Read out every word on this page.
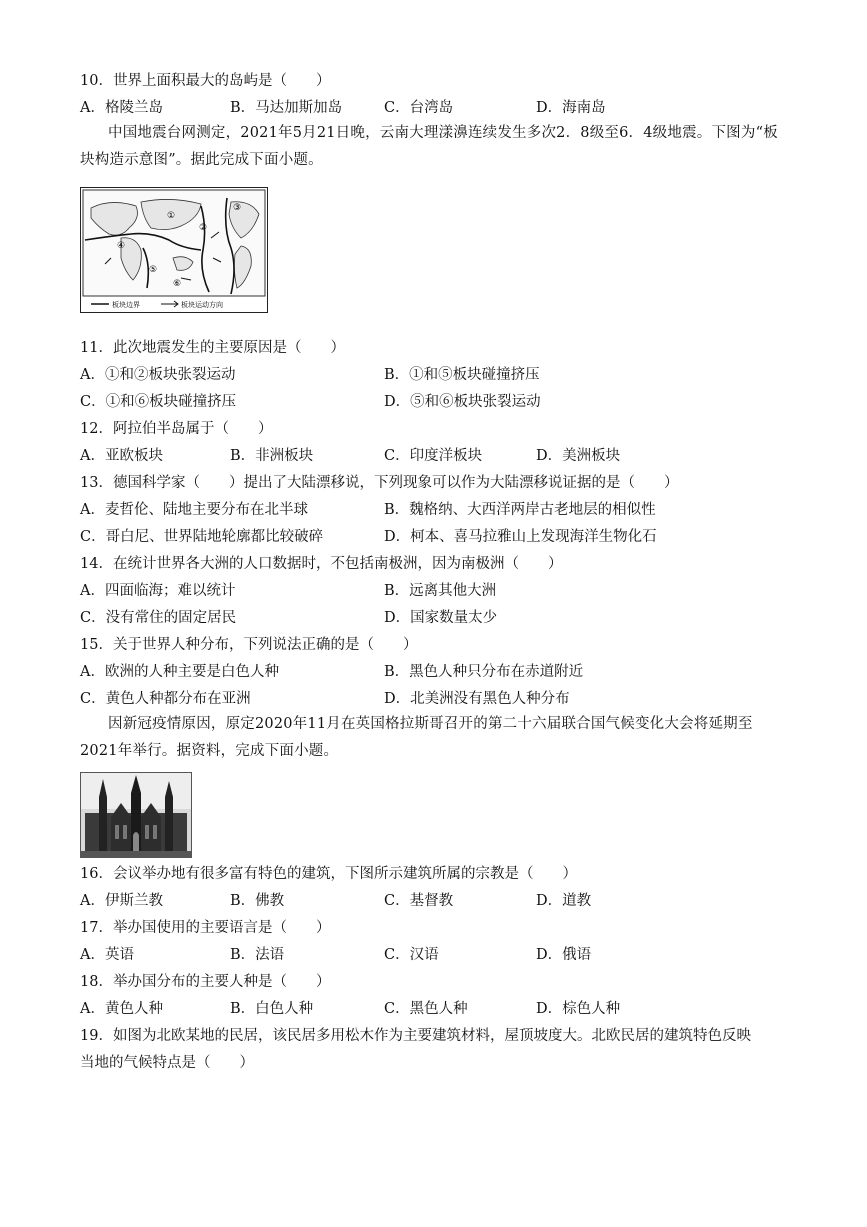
10．世界上面积最大的岛屿是（　　）
A．格陵兰岛	B．马达加斯加岛	C．台湾岛	D．海南岛
中国地震台网测定，2021年5月21日晚，云南大理漾濞连续发生多次2．8级至6．4级地震。下图为“板块构造示意图”。据此完成下面小题。
①
②
③
④
⑤
⑥
板块边界	板块运动方向
11．此次地震发生的主要原因是（　　）
A．①和②板块张裂运动	B．①和⑤板块碰撞挤压
C．①和⑥板块碰撞挤压	D．⑤和⑥板块张裂运动
12．阿拉伯半岛属于（　　）
A．亚欧板块	B．非洲板块	C．印度洋板块	D．美洲板块
13．德国科学家（　　）提出了大陆漂移说，下列现象可以作为大陆漂移说证据的是（　　）
A．麦哲伦、陆地主要分布在北半球	B．魏格纳、大西洋两岸古老地层的相似性
C．哥白尼、世界陆地轮廓都比较破碎	D．柯本、喜马拉雅山上发现海洋生物化石
14．在统计世界各大洲的人口数据时，不包括南极洲，因为南极洲（　　）
A．四面临海；难以统计	B．远离其他大洲
C．没有常住的固定居民	D．国家数量太少
15．关于世界人种分布，下列说法正确的是（　　）
A．欧洲的人种主要是白色人种	B．黑色人种只分布在赤道附近
C．黄色人种都分布在亚洲	D．北美洲没有黑色人种分布
因新冠疫情原因，原定2020年11月在英国格拉斯哥召开的第二十六届联合国气候变化大会将延期至2021年举行。据资料，完成下面小题。
16．会议举办地有很多富有特色的建筑，下图所示建筑所属的宗教是（　　）
A．伊斯兰教	B．佛教	C．基督教	D．道教
17．举办国使用的主要语言是（　　）
A．英语	B．法语	C．汉语	D．俄语
18．举办国分布的主要人种是（　　）
A．黄色人种	B．白色人种	C．黑色人种	D．棕色人种
19．如图为北欧某地的民居，该民居多用松木作为主要建筑材料，屋顶坡度大。北欧民居的建筑特色反映
当地的气候特点是（　　）
